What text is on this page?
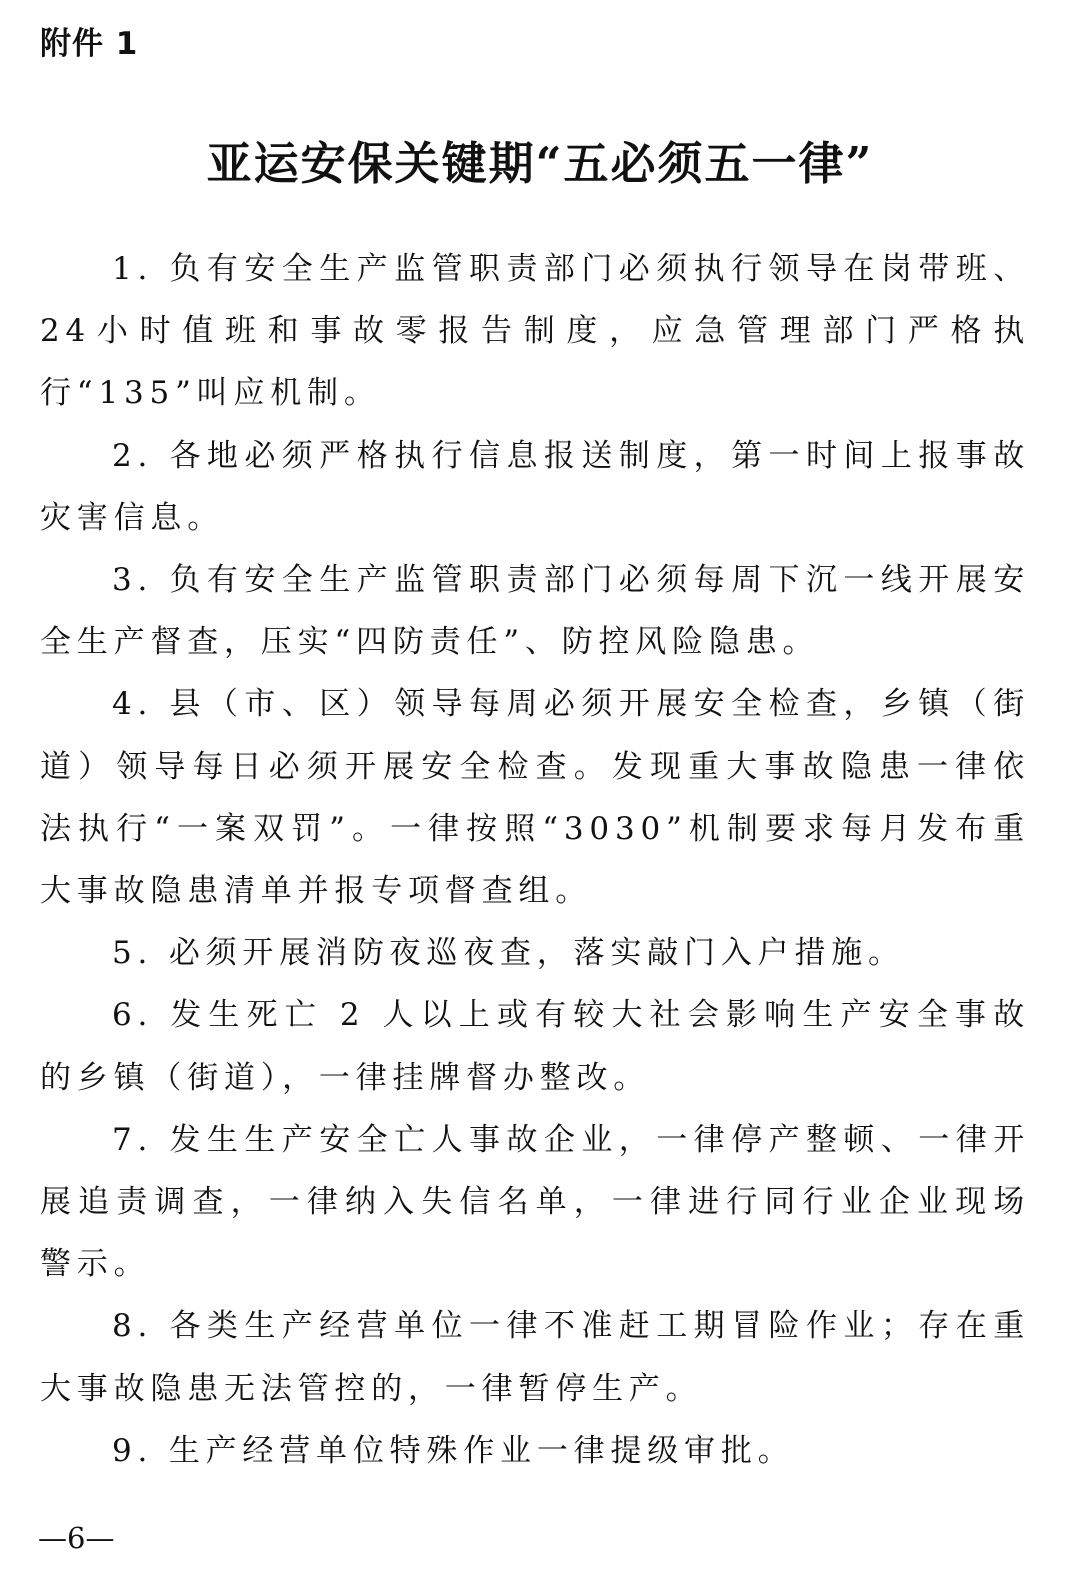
附件 1
亚运安保关键期“五必须五一律”

1. 负有安全生产监管职责部门必须执行领导在岗带班、24小时值班和事故零报告制度，应急管理部门严格执行“135”叫应机制。

2. 各地必须严格执行信息报送制度，第一时间上报事故灾害信息。

3. 负有安全生产监管职责部门必须每周下沉一线开展安全生产督查，压实“四防责任”、防控风险隐患。

4. 县（市、区）领导每周必须开展安全检查，乡镇（街道）领导每日必须开展安全检查。发现重大事故隐患一律依法执行“一案双罚”。一律按照“3030”机制要求每月发布重大事故隐患清单并报专项督查组。

5. 必须开展消防夜巡夜查，落实敲门入户措施。

6. 发生死亡 2 人以上或有较大社会影响生产安全事故的乡镇（街道），一律挂牌督办整改。

7. 发生生产安全亡人事故企业，一律停产整顿、一律开展追责调查，一律纳入失信名单，一律进行同行业企业现场警示。

8. 各类生产经营单位一律不准赶工期冒险作业；存在重大事故隐患无法管控的，一律暂停生产。

9. 生产经营单位特殊作业一律提级审批。

—6—
